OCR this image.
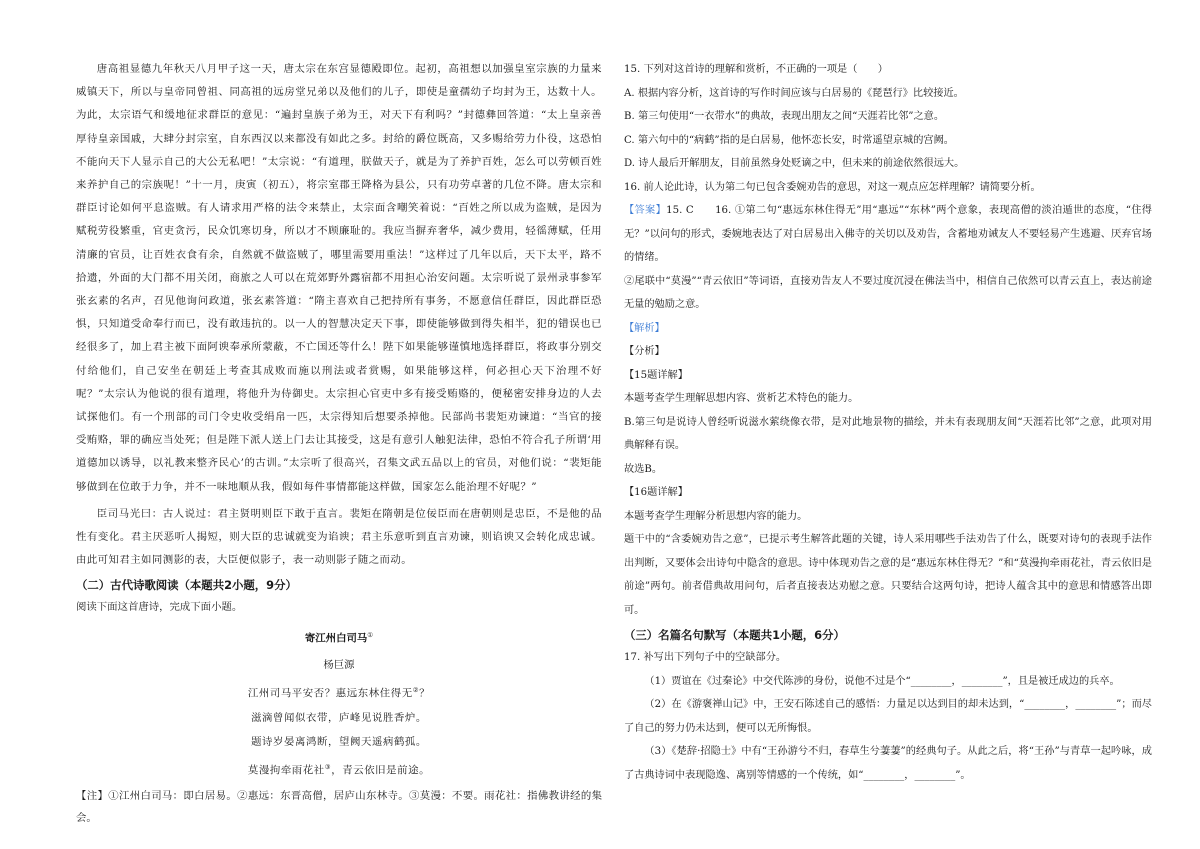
唐高祖显德九年秋天八月甲子这一天，唐太宗在东宫显德殿即位。起初，高祖想以加强皇室宗族的力量来威镇天下，所以与皇帝同曾祖、同高祖的远房堂兄弟以及他们的儿子，即使是童孺幼子均封为王，达数十人。为此，太宗语气和缓地征求群臣的意见：“遍封皇族子弟为王，对天下有利吗？”封德彝回答道：“太上皇亲善厚待皇亲国戚，大肆分封宗室，自东西汉以来都没有如此之多。封给的爵位既高，又多赐给劳力仆役，这恐怕不能向天下人显示自己的大公无私吧！”太宗说：“有道理，朕做天子，就是为了养护百姓，怎么可以劳顿百姓来养护自己的宗族呢！”十一月，庚寅（初五），将宗室郡王降格为县公，只有功劳卓著的几位不降。唐太宗和群臣讨论如何平息盗贼。有人请求用严格的法令来禁止，太宗面含嘲笑着说：“百姓之所以成为盗贼，是因为赋税劳役繁重，官吏贪污，民众饥寒切身，所以才不顾廉耻的。我应当摒弃奢华，减少费用，轻徭薄赋，任用清廉的官员，让百姓衣食有余，自然就不做盗贼了，哪里需要用重法！”这样过了几年以后，天下太平，路不拾遗，外面的大门都不用关闭，商旅之人可以在荒郊野外露宿都不用担心治安问题。太宗听说了景州录事参军张玄素的名声，召见他询问政道，张玄素答道：“隋主喜欢自己把持所有事务，不愿意信任群臣，因此群臣恐惧，只知道受命奉行而已，没有敢违抗的。以一人的智慧决定天下事，即使能够做到得失相半，犯的错误也已经很多了，加上君主被下面阿谀奉承所蒙蔽，不亡国还等什么！陛下如果能够谨慎地选择群臣，将政事分别交付给他们，自己安坐在朝廷上考查其成败而施以刑法或者赏赐，如果能够这样，何必担心天下治理不好呢？”太宗认为他说的很有道理，将他升为侍御史。太宗担心官吏中多有接受贿赂的，便秘密安排身边的人去试探他们。有一个刑部的司门令史收受绢帛一匹，太宗得知后想要杀掉他。民部尚书裴矩劝谏道：“当官的接受贿赂，罪的确应当处死；但是陛下派人送上门去让其接受，这是有意引人触犯法律，恐怕不符合孔子所谓‘用道德加以诱导，以礼教来整齐民心’的古训。”太宗听了很高兴，召集文武五品以上的官员，对他们说：“裴矩能够做到在位敢于力争，并不一味地顺从我，假如每件事情都能这样做，国家怎么能治理不好呢？”

臣司马光曰：古人说过：君主贤明则臣下敢于直言。裴矩在隋朝是位佞臣而在唐朝则是忠臣，不是他的品性有变化。君主厌恶听人揭短，则大臣的忠诚就变为谄谀；君主乐意听到直言劝谏，则谄谀又会转化成忠诚。由此可知君主如同测影的表，大臣便似影子，表一动则影子随之而动。

（二）古代诗歌阅读（本题共2小题，9分）

阅读下面这首唐诗，完成下面小题。

寄江州白司马①

杨巨源

江州司马平安否？惠远东林住得无②？

滋滴曾闻似衣带，庐峰见说胜香炉。

题诗岁晏离鸿断，望阙天遥病鹤孤。

莫漫拘牵雨花社③，青云依旧是前途。

【注】①江州白司马：即白居易。②惠远：东晋高僧，居庐山东林寺。③莫漫：不要。雨花社：指佛教讲经的集会。

15. 下列对这首诗的理解和赏析，不正确的一项是（　　）

A. 根据内容分析，这首诗的写作时间应该与白居易的《琵琶行》比较接近。

B. 第三句使用“一衣带水”的典故，表现出朋友之间“天涯若比邻”之意。

C. 第六句中的“病鹤”指的是白居易，他怀恋长安，时常遥望京城的宫阙。

D. 诗人最后开解朋友，目前虽然身处贬谪之中，但未来的前途依然很远大。

16. 前人论此诗，认为第二句已包含委婉劝告的意思，对这一观点应怎样理解？请简要分析。

【答案】15. C　　16. ①第二句“惠远东林住得无”用“惠远”“东林”两个意象，表现高僧的淡泊遁世的态度，“住得无？”以问句的形式，委婉地表达了对白居易出入佛寺的关切以及劝告，含蓄地劝诫友人不要轻易产生逃避、厌弃官场的情绪。

②尾联中“莫漫”“青云依旧”等词语，直接劝告友人不要过度沉浸在佛法当中，相信自己依然可以青云直上，表达前途无量的勉励之意。

【解析】

【分析】

【15题详解】

本题考查学生理解思想内容、赏析艺术特色的能力。

B.第三句是说诗人曾经听说滋水萦绕像衣带，是对此地景物的描绘，并未有表现朋友间“天涯若比邻”之意，此项对用典解释有误。

故选B。

【16题详解】

本题考查学生理解分析思想内容的能力。

题干中的“含委婉劝告之意”，已提示考生解答此题的关键，诗人采用哪些手法劝告了什么，既要对诗句的表现手法作出判断，又要体会出诗句中隐含的意思。诗中体现劝告之意的是“惠远东林住得无？”和“莫漫拘牵雨花社，青云依旧是前途”两句。前者借典故用问句，后者直接表达劝慰之意。只要结合这两句诗，把诗人蕴含其中的意思和情感答出即可。

（三）名篇名句默写（本题共1小题，6分）

17. 补写出下列句子中的空缺部分。

（1）贾谊在《过秦论》中交代陈涉的身份，说他不过是个“________，________”，且是被迁成边的兵卒。

（2）在《游褒禅山记》中，王安石陈述自己的感悟：力量足以达到目的却未达到，“________，________”；而尽了自己的努力仍未达到，便可以无所悔恨。

（3）《楚辞·招隐士》中有“王孙游兮不归，春草生兮萋萋”的经典句子。从此之后，将“王孙”与青草一起吟咏，成了古典诗词中表现隐逸、离别等情感的一个传统，如“________，________”。
